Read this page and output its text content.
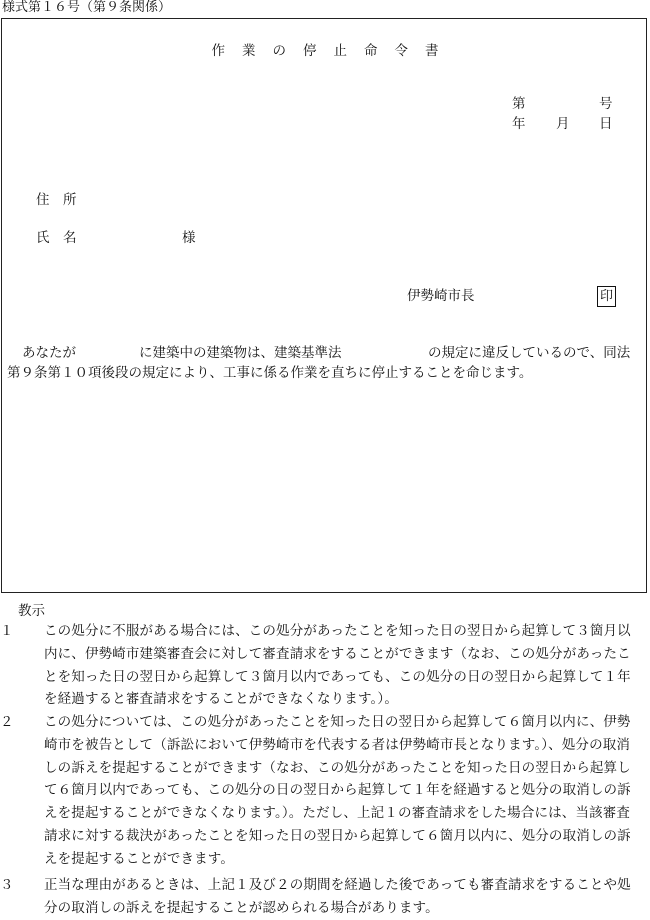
様式第１６号（第９条関係）
作業の停止命令書
第	号
年 月 日
住　所
氏　名	様
伊勢崎市長	印
あなたが	に建築中の建築物は、建築基準法	の規定に違反しているので、同法
第９条第１０項後段の規定により、工事に係る作業を直ちに停止することを命じます。
教示
１ この処分に不服がある場合には、この処分があったことを知った日の翌日から起算して３箇月以内に、伊勢崎市建築審査会に対して審査請求をすることができます（なお、この処分があったことを知った日の翌日から起算して３箇月以内であっても、この処分の日の翌日から起算して１年を経過すると審査請求をすることができなくなります。）。
２ この処分については、この処分があったことを知った日の翌日から起算して６箇月以内に、伊勢崎市を被告として（訴訟において伊勢崎市を代表する者は伊勢崎市長となります。）、処分の取消しの訴えを提起することができます（なお、この処分があったことを知った日の翌日から起算して６箇月以内であっても、この処分の日の翌日から起算して１年を経過すると処分の取消しの訴えを提起することができなくなります。）。ただし、上記１の審査請求をした場合には、当該審査請求に対する裁決があったことを知った日の翌日から起算して６箇月以内に、処分の取消しの訴えを提起することができます。
３ 正当な理由があるときは、上記１及び２の期間を経過した後であっても審査請求をすることや処分の取消しの訴えを提起することが認められる場合があります。
